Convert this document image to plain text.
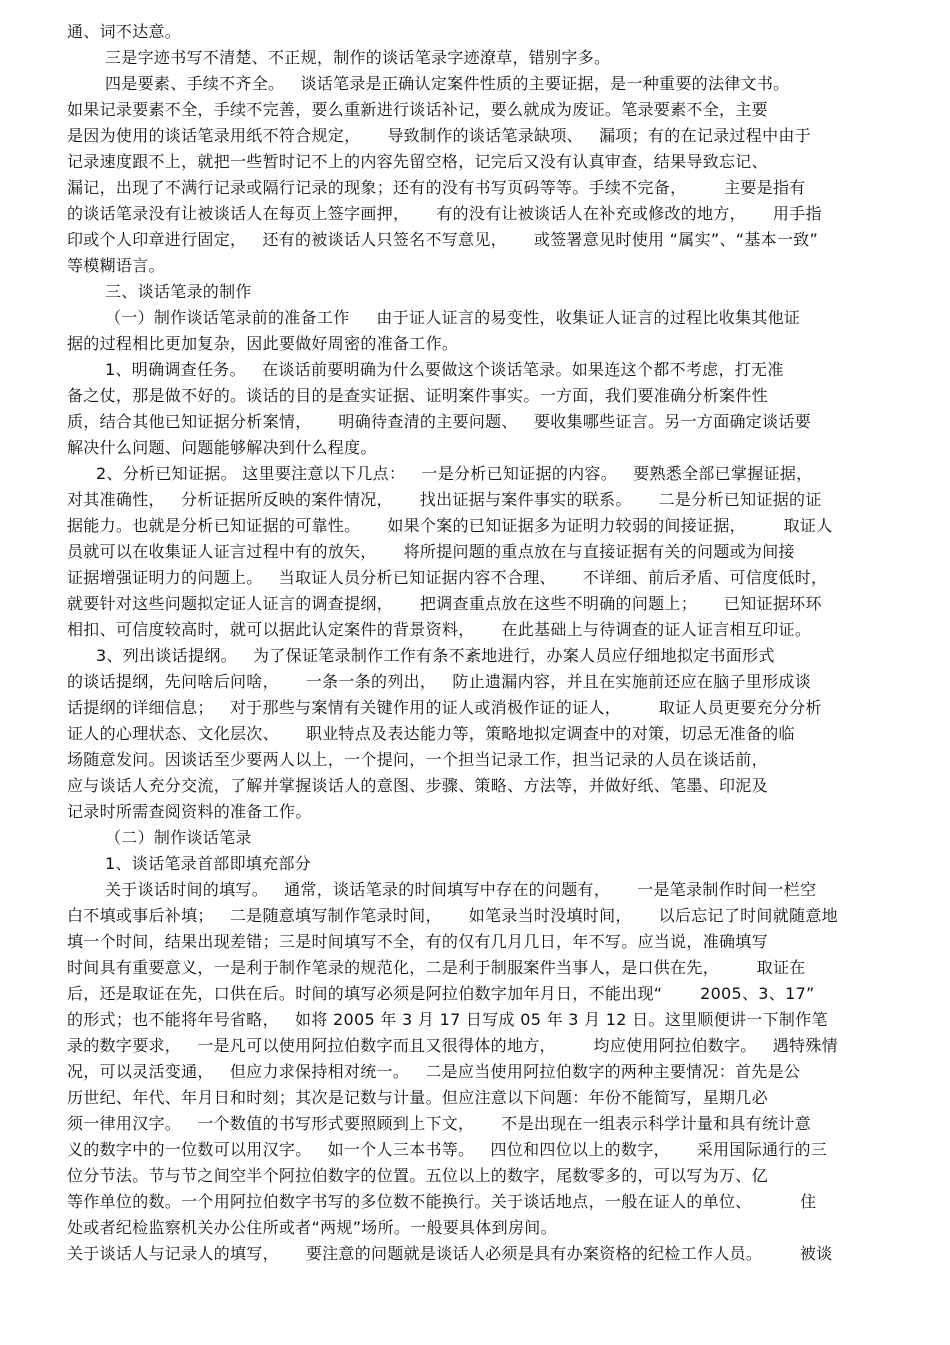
通、词不达意。
三是字迹书写不清楚、不正规，制作的谈话笔录字迹潦草，错别字多。
四是要素、手续不齐全。   谈话笔录是正确认定案件性质的主要证据，是一种重要的法律文书。
如果记录要素不全，手续不完善，要么重新进行谈话补记，要么就成为废证。笔录要素不全，主要
是因为使用的谈话笔录用纸不符合规定，     导致制作的谈话笔录缺项、   漏项；有的在记录过程中由于
记录速度跟不上，就把一些暂时记不上的内容先留空格，记完后又没有认真审查，结果导致忘记、
漏记，出现了不满行记录或隔行记录的现象；还有的没有书写页码等等。手续不完备，       主要是指有
的谈话笔录没有让被谈话人在每页上签字画押，     有的没有让被谈话人在补充或修改的地方，     用手指
印或个人印章进行固定，   还有的被谈话人只签名不写意见，     或签署意见时使用 “属实”、“基本一致”
等模糊语言。
三、谈话笔录的制作
（一）制作谈话笔录前的准备工作     由于证人证言的易变性，收集证人证言的过程比收集其他证
据的过程相比更加复杂，因此要做好周密的准备工作。
1、明确调查任务。   在谈话前要明确为什么要做这个谈话笔录。如果连这个都不考虑，打无准
备之仗，那是做不好的。谈话的目的是查实证据、证明案件事实。一方面，我们要准确分析案件性
质，结合其他已知证据分析案情，     明确待查清的主要问题、   要收集哪些证言。另一方面确定谈话要
解决什么问题、问题能够解决到什么程度。
2、分析已知证据。 这里要注意以下几点：   一是分析已知证据的内容。   要熟悉全部已掌握证据，
对其准确性，   分析证据所反映的案件情况，     找出证据与案件事实的联系。     二是分析已知证据的证
据能力。也就是分析已知证据的可靠性。     如果个案的已知证据多为证明力较弱的间接证据，       取证人
员就可以在收集证人证言过程中有的放矢，     将所提问题的重点放在与直接证据有关的问题或为间接
证据增强证明力的问题上。   当取证人员分析已知证据内容不合理、     不详细、前后矛盾、可信度低时，
就要针对这些问题拟定证人证言的调查提纲，     把调查重点放在这些不明确的问题上；     已知证据环环
相扣、可信度较高时，就可以据此认定案件的背景资料，     在此基础上与待调查的证人证言相互印证。
3、列出谈话提纲。   为了保证笔录制作工作有条不紊地进行，办案人员应仔细地拟定书面形式
的谈话提纲，先问啥后问啥，     一条一条的列出，   防止遗漏内容，并且在实施前还应在脑子里形成谈
话提纲的详细信息；   对于那些与案情有关键作用的证人或消极作证的证人，       取证人员更要充分分析
证人的心理状态、文化层次、     职业特点及表达能力等，策略地拟定调查中的对策，切忌无准备的临
场随意发问。因谈话至少要两人以上，一个提问，一个担当记录工作，担当记录的人员在谈话前，
应与谈话人充分交流，了解并掌握谈话人的意图、步骤、策略、方法等，并做好纸、笔墨、印泥及
记录时所需查阅资料的准备工作。
（二）制作谈话笔录
1、谈话笔录首部即填充部分
关于谈话时间的填写。   通常，谈话笔录的时间填写中存在的问题有，     一是笔录制作时间一栏空
白不填或事后补填；   二是随意填写制作笔录时间，     如笔录当时没填时间，     以后忘记了时间就随意地
填一个时间，结果出现差错；三是时间填写不全，有的仅有几月几日，年不写。应当说，准确填写
时间具有重要意义，一是利于制作笔录的规范化，二是利于制服案件当事人，是口供在先，       取证在
后，还是取证在先，口供在后。时间的填写必须是阿拉伯数字加年月日，不能出现“       2005、3、17”
的形式；也不能将年号省略，   如将 2005 年 3 月 17 日写成 05 年 3 月 12 日。这里顺便讲一下制作笔
录的数字要求，   一是凡可以使用阿拉伯数字而且又很得体的地方，       均应使用阿拉伯数字。   遇特殊情
况，可以灵活变通，   但应力求保持相对统一。   二是应当使用阿拉伯数字的两种主要情况：首先是公
历世纪、年代、年月日和时刻；其次是记数与计量。但应注意以下问题：年份不能简写，星期几必
须一律用汉字。   一个数值的书写形式要照顾到上下文，     不是出现在一组表示科学计量和具有统计意
义的数字中的一位数可以用汉字。   如一个人三本书等。   四位和四位以上的数字，     采用国际通行的三
位分节法。节与节之间空半个阿拉伯数字的位置。五位以上的数字，尾数零多的，可以写为万、亿
等作单位的数。一个用阿拉伯数字书写的多位数不能换行。关于谈话地点，一般在证人的单位、         住
处或者纪检监察机关办公住所或者“两规”场所。一般要具体到房间。
关于谈话人与记录人的填写，     要注意的问题就是谈话人必须是具有办案资格的纪检工作人员。       被谈
